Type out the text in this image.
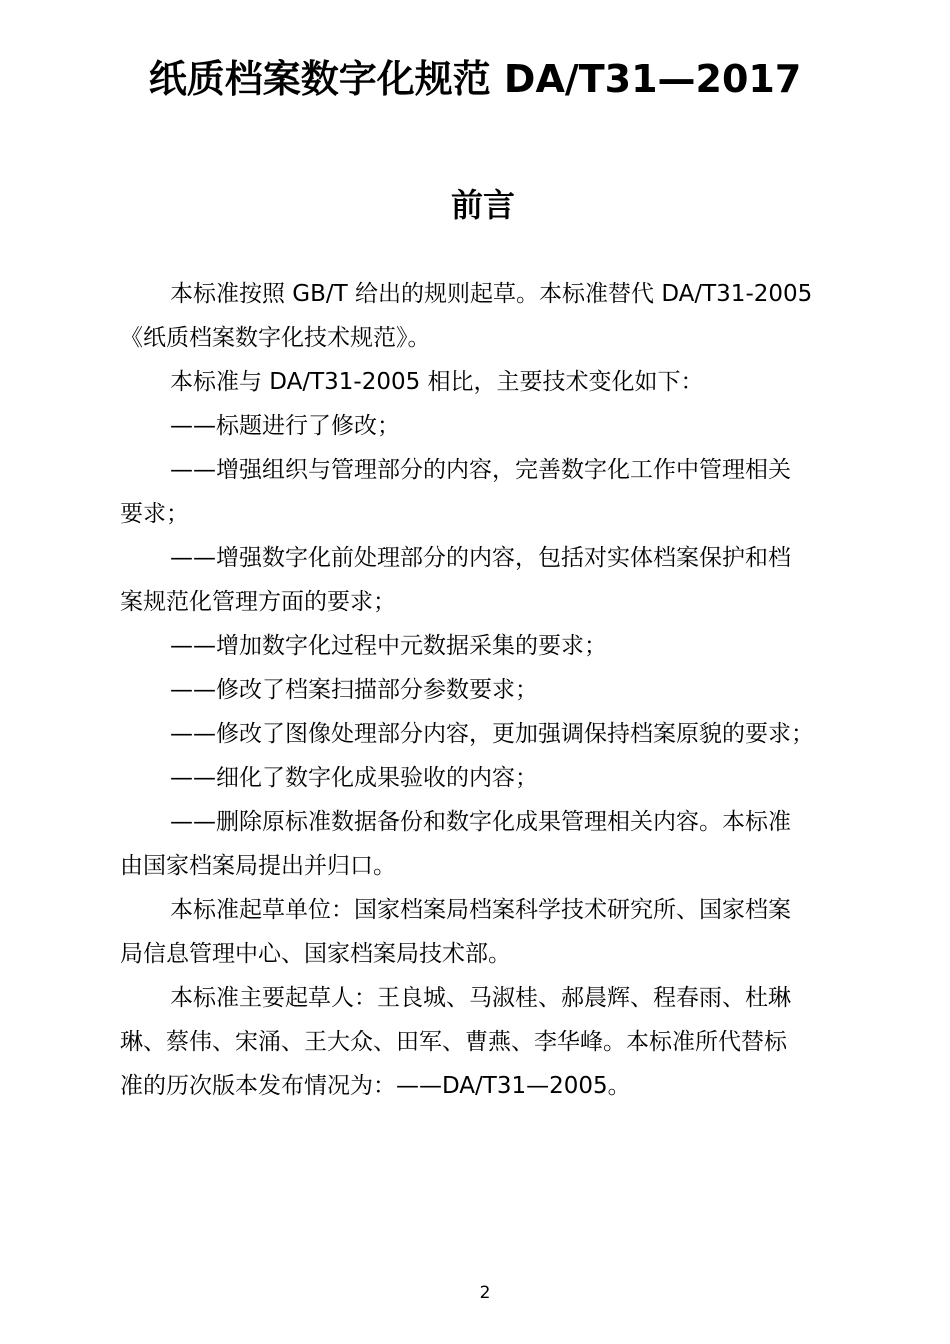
纸质档案数字化规范 DA/T31—2017
前言
本标准按照 GB/T 给出的规则起草。本标准替代 DA/T31-2005
《纸质档案数字化技术规范》。
本标准与 DA/T31-2005 相比，主要技术变化如下：
——标题进行了修改；
——增强组织与管理部分的内容，完善数字化工作中管理相关
要求；
——增强数字化前处理部分的内容，包括对实体档案保护和档
案规范化管理方面的要求；
——增加数字化过程中元数据采集的要求；
——修改了档案扫描部分参数要求；
——修改了图像处理部分内容，更加强调保持档案原貌的要求；
——细化了数字化成果验收的内容；
——删除原标准数据备份和数字化成果管理相关内容。本标准
由国家档案局提出并归口。
本标准起草单位：国家档案局档案科学技术研究所、国家档案
局信息管理中心、国家档案局技术部。
本标准主要起草人：王良城、马淑桂、郝晨辉、程春雨、杜琳
琳、蔡伟、宋涌、王大众、田军、曹燕、李华峰。本标准所代替标
准的历次版本发布情况为：——DA/T31—2005。
2
